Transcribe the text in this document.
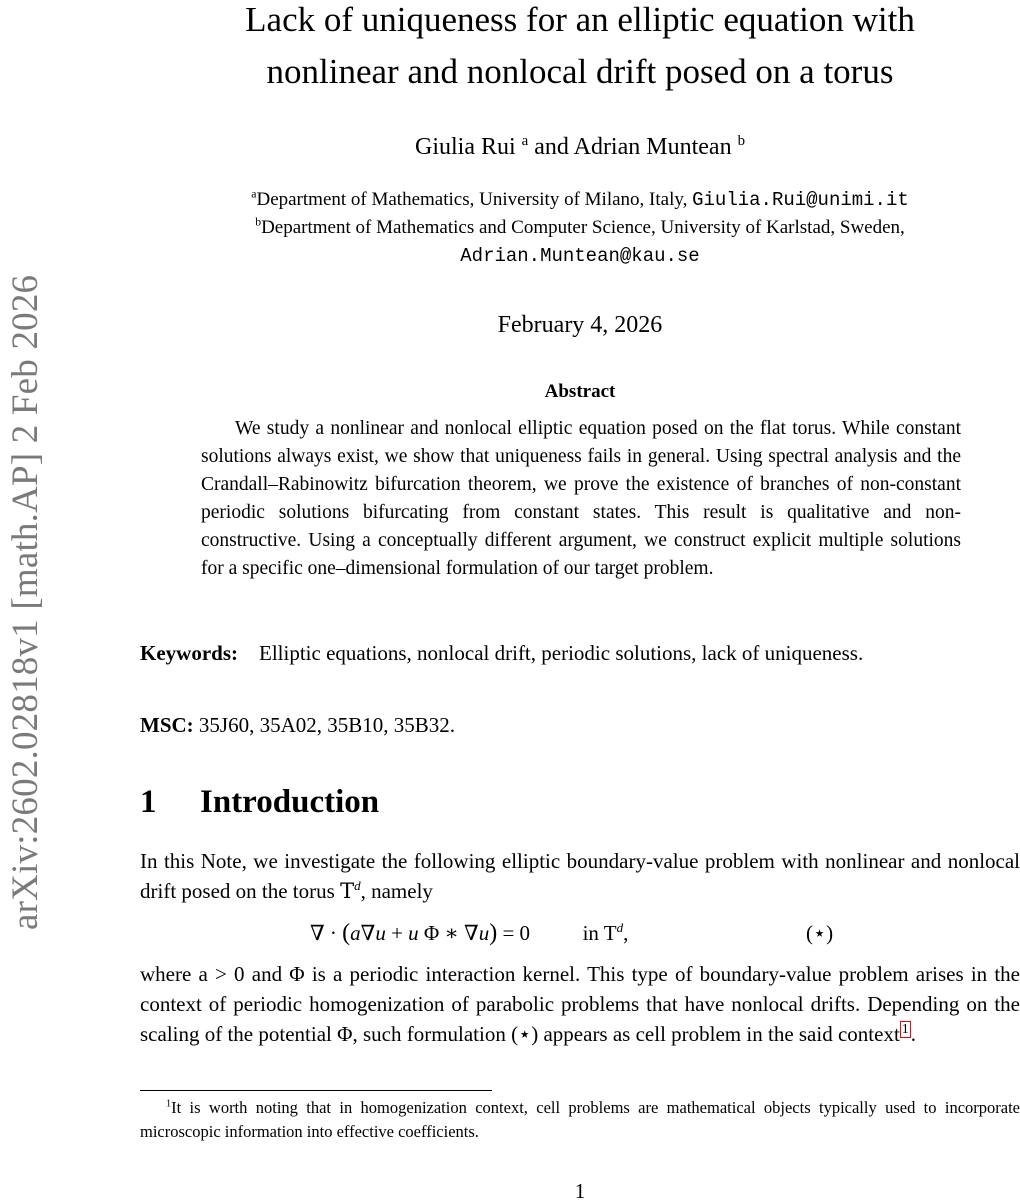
arXiv:2602.02818v1 [math.AP] 2 Feb 2026
Lack of uniqueness for an elliptic equation with
nonlinear and nonlocal drift posed on a torus
Giulia Rui $^a$ and Adrian Muntean $^b$
$^a$Department of Mathematics, University of Milano, Italy, Giulia.Rui@unimi.it
$^b$Department of Mathematics and Computer Science, University of Karlstad, Sweden,
Adrian.Muntean@kau.se
February 4, 2026
Abstract
We study a nonlinear and nonlocal elliptic equation posed on the flat torus. While constant solutions always exist, we show that uniqueness fails in general. Using spectral analysis and the Crandall–Rabinowitz bifurcation theorem, we prove the existence of branches of non-constant periodic solutions bifurcating from constant states. This result is qualitative and non-constructive. Using a conceptually different argument, we construct explicit multiple solutions for a specific one–dimensional formulation of our target problem.
Keywords: Elliptic equations, nonlocal drift, periodic solutions, lack of uniqueness.
MSC: 35J60, 35A02, 35B10, 35B32.
1 Introduction
In this Note, we investigate the following elliptic boundary-value problem with nonlinear and nonlocal drift posed on the torus $T^d$, namely
∇ · (a∇u + u Φ ∗ ∇u) = 0	in $T^d$,	(⋆)
where a > 0 and Φ is a periodic interaction kernel. This type of boundary-value problem arises in the context of periodic homogenization of parabolic problems that have nonlocal drifts. Depending on the scaling of the potential Φ, such formulation (⋆) appears as cell problem in the said context $^1$.
$^1$It is worth noting that in homogenization context, cell problems are mathematical objects typically used to incorporate microscopic information into effective coefficients.
1
